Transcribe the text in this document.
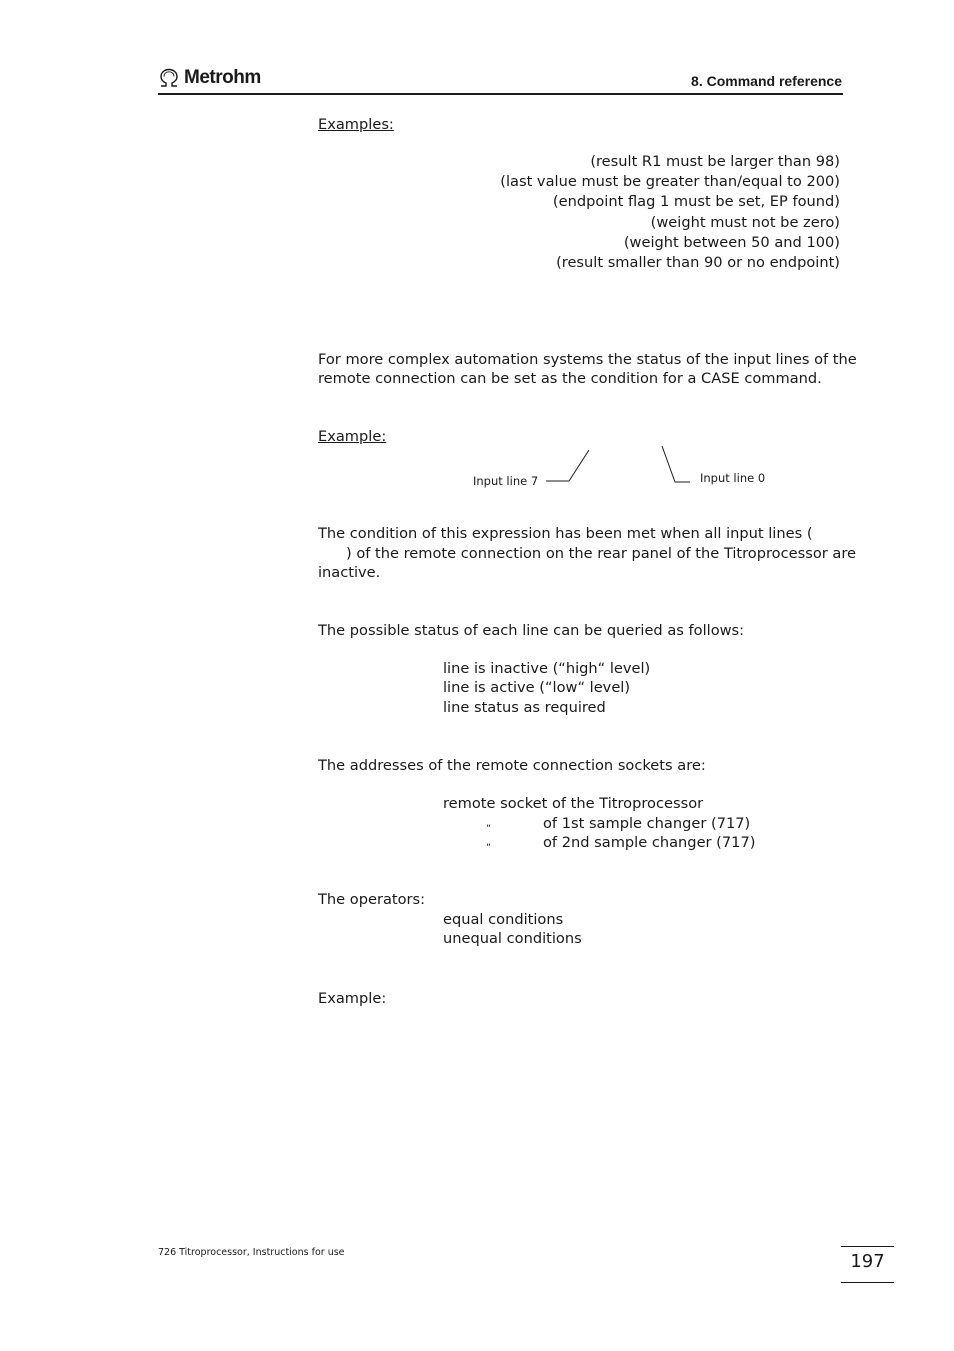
Metrohm	8. Command reference
Examples:
(result R1 must be larger than 98)
(last value must be greater than/equal to 200)
(endpoint flag 1 must be set, EP found)
(weight must not be zero)
(weight between 50 and 100)
(result smaller than 90 or no endpoint)
For more complex automation systems the status of the input lines of the
remote connection can be set as the condition for a CASE command.
Example:
Input line 7	Input line 0
The condition of this expression has been met when all input lines (
) of the remote connection on the rear panel of the Titroprocessor are
inactive.
The possible status of each line can be queried as follows:
line is inactive (“high“ level)
line is active (“low“ level)
line status as required
The addresses of the remote connection sockets are:
remote socket of the Titroprocessor
„	of 1st sample changer (717)
„	of 2nd sample changer (717)
The operators:
equal conditions
unequal conditions
Example:
726 Titroprocessor, Instructions for use	197
